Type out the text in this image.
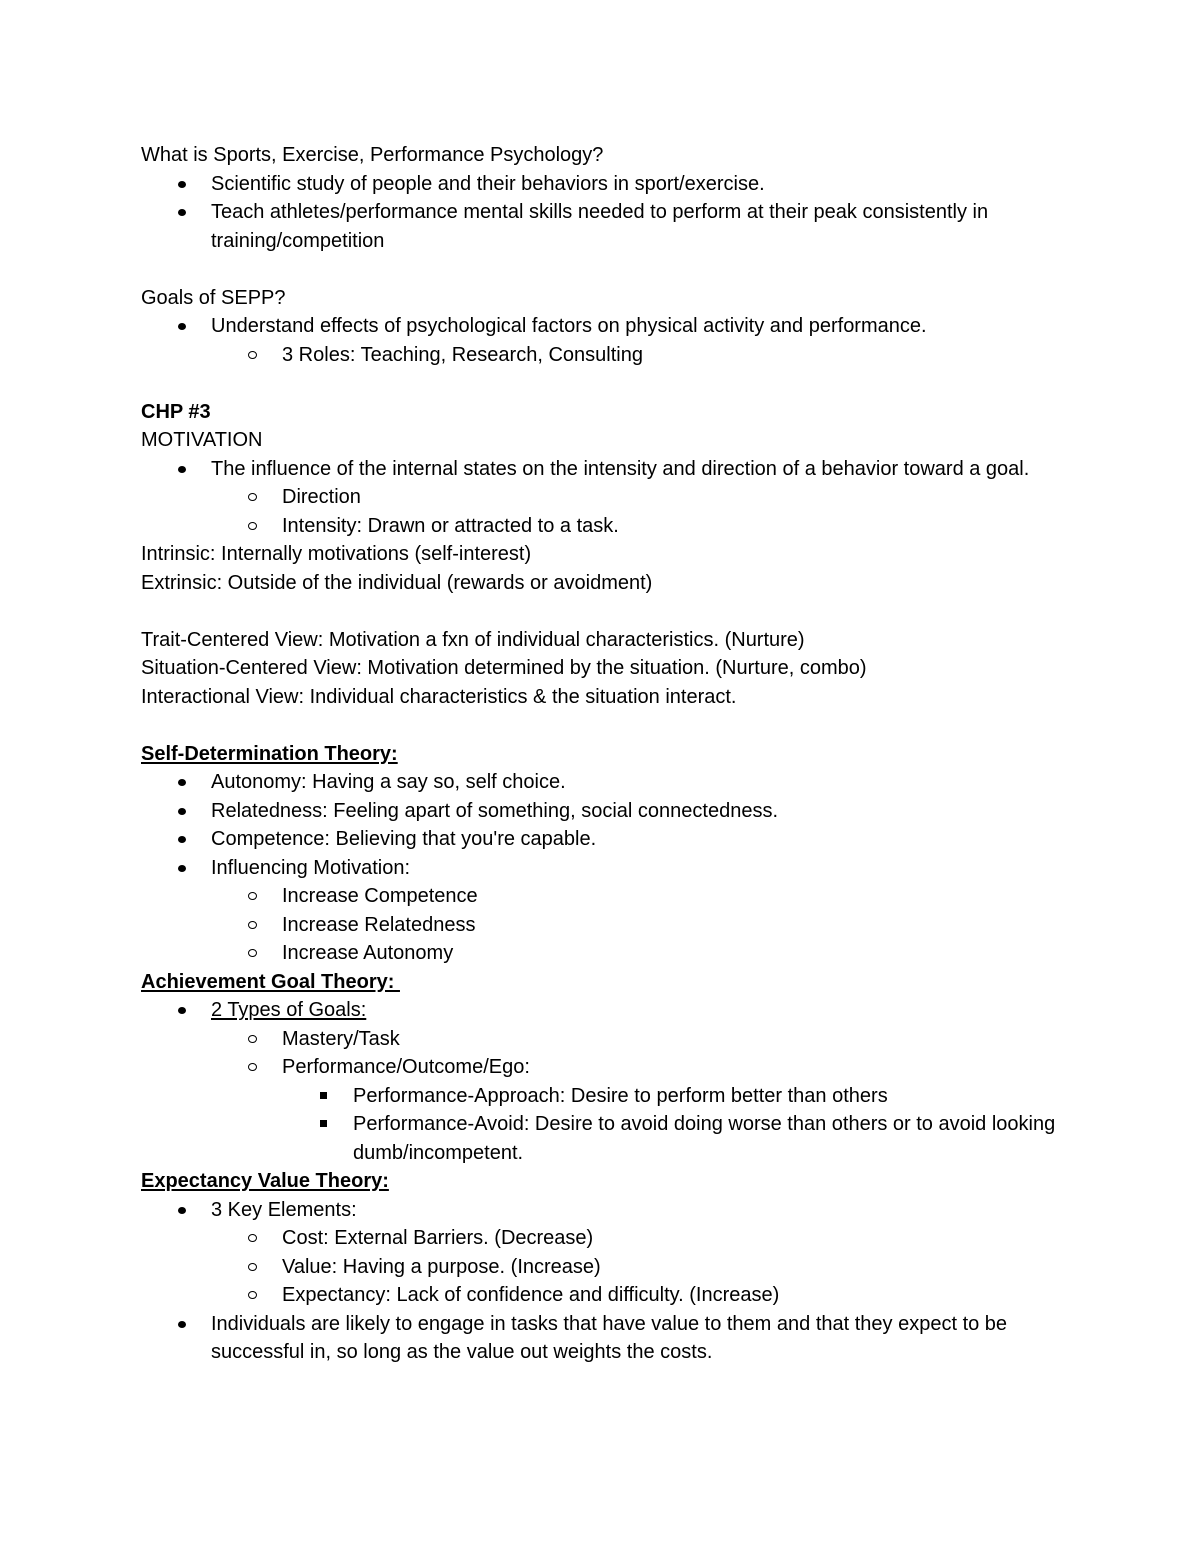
What is Sports, Exercise, Performance Psychology?
Scientific study of people and their behaviors in sport/exercise.
Teach athletes/performance mental skills needed to perform at their peak consistently in training/competition
Goals of SEPP?
Understand effects of psychological factors on physical activity and performance.
3 Roles: Teaching, Research, Consulting
CHP #3
MOTIVATION
The influence of the internal states on the intensity and direction of a behavior toward a goal.
Direction
Intensity: Drawn or attracted to a task.
Intrinsic: Internally motivations (self-interest)
Extrinsic: Outside of the individual (rewards or avoidment)
Trait-Centered View: Motivation a fxn of individual characteristics. (Nurture)
Situation-Centered View: Motivation determined by the situation. (Nurture, combo)
Interactional View: Individual characteristics & the situation interact.
Self-Determination Theory:
Autonomy: Having a say so, self choice.
Relatedness: Feeling apart of something, social connectedness.
Competence: Believing that you're capable.
Influencing Motivation:
Increase Competence
Increase Relatedness
Increase Autonomy
Achievement Goal Theory:
2 Types of Goals:
Mastery/Task
Performance/Outcome/Ego:
Performance-Approach: Desire to perform better than others
Performance-Avoid: Desire to avoid doing worse than others or to avoid looking dumb/incompetent.
Expectancy Value Theory:
3 Key Elements:
Cost: External Barriers. (Decrease)
Value: Having a purpose. (Increase)
Expectancy: Lack of confidence and difficulty. (Increase)
Individuals are likely to engage in tasks that have value to them and that they expect to be successful in, so long as the value out weights the costs.
